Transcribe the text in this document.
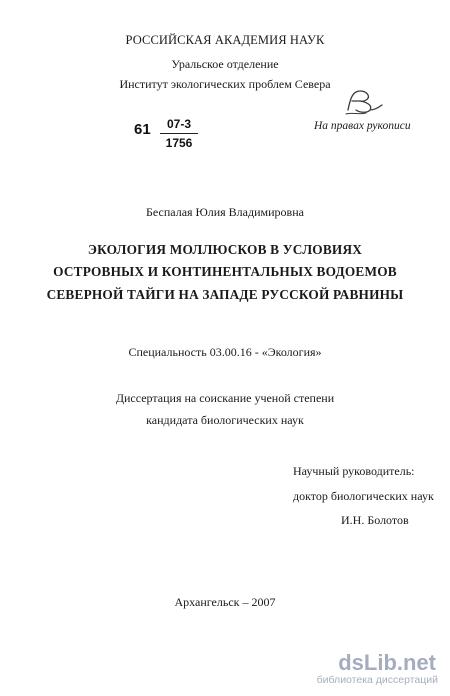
РОССИЙСКАЯ АКАДЕМИЯ НАУК
Уральское отделение
Институт экологических проблем Севера
61	07-3
1756
На правах рукописи
Беспалая Юлия Владимировна
ЭКОЛОГИЯ МОЛЛЮСКОВ В УСЛОВИЯХ
ОСТРОВНЫХ И КОНТИНЕНТАЛЬНЫХ ВОДОЕМОВ
СЕВЕРНОЙ ТАЙГИ НА ЗАПАДЕ РУССКОЙ РАВНИНЫ
Специальность 03.00.16 - «Экология»
Диссертация на соискание ученой степени
кандидата биологических наук
Научный руководитель:
доктор биологических наук
И.Н. Болотов
Архангельск – 2007
dsLib.net
библиотека диссертаций
